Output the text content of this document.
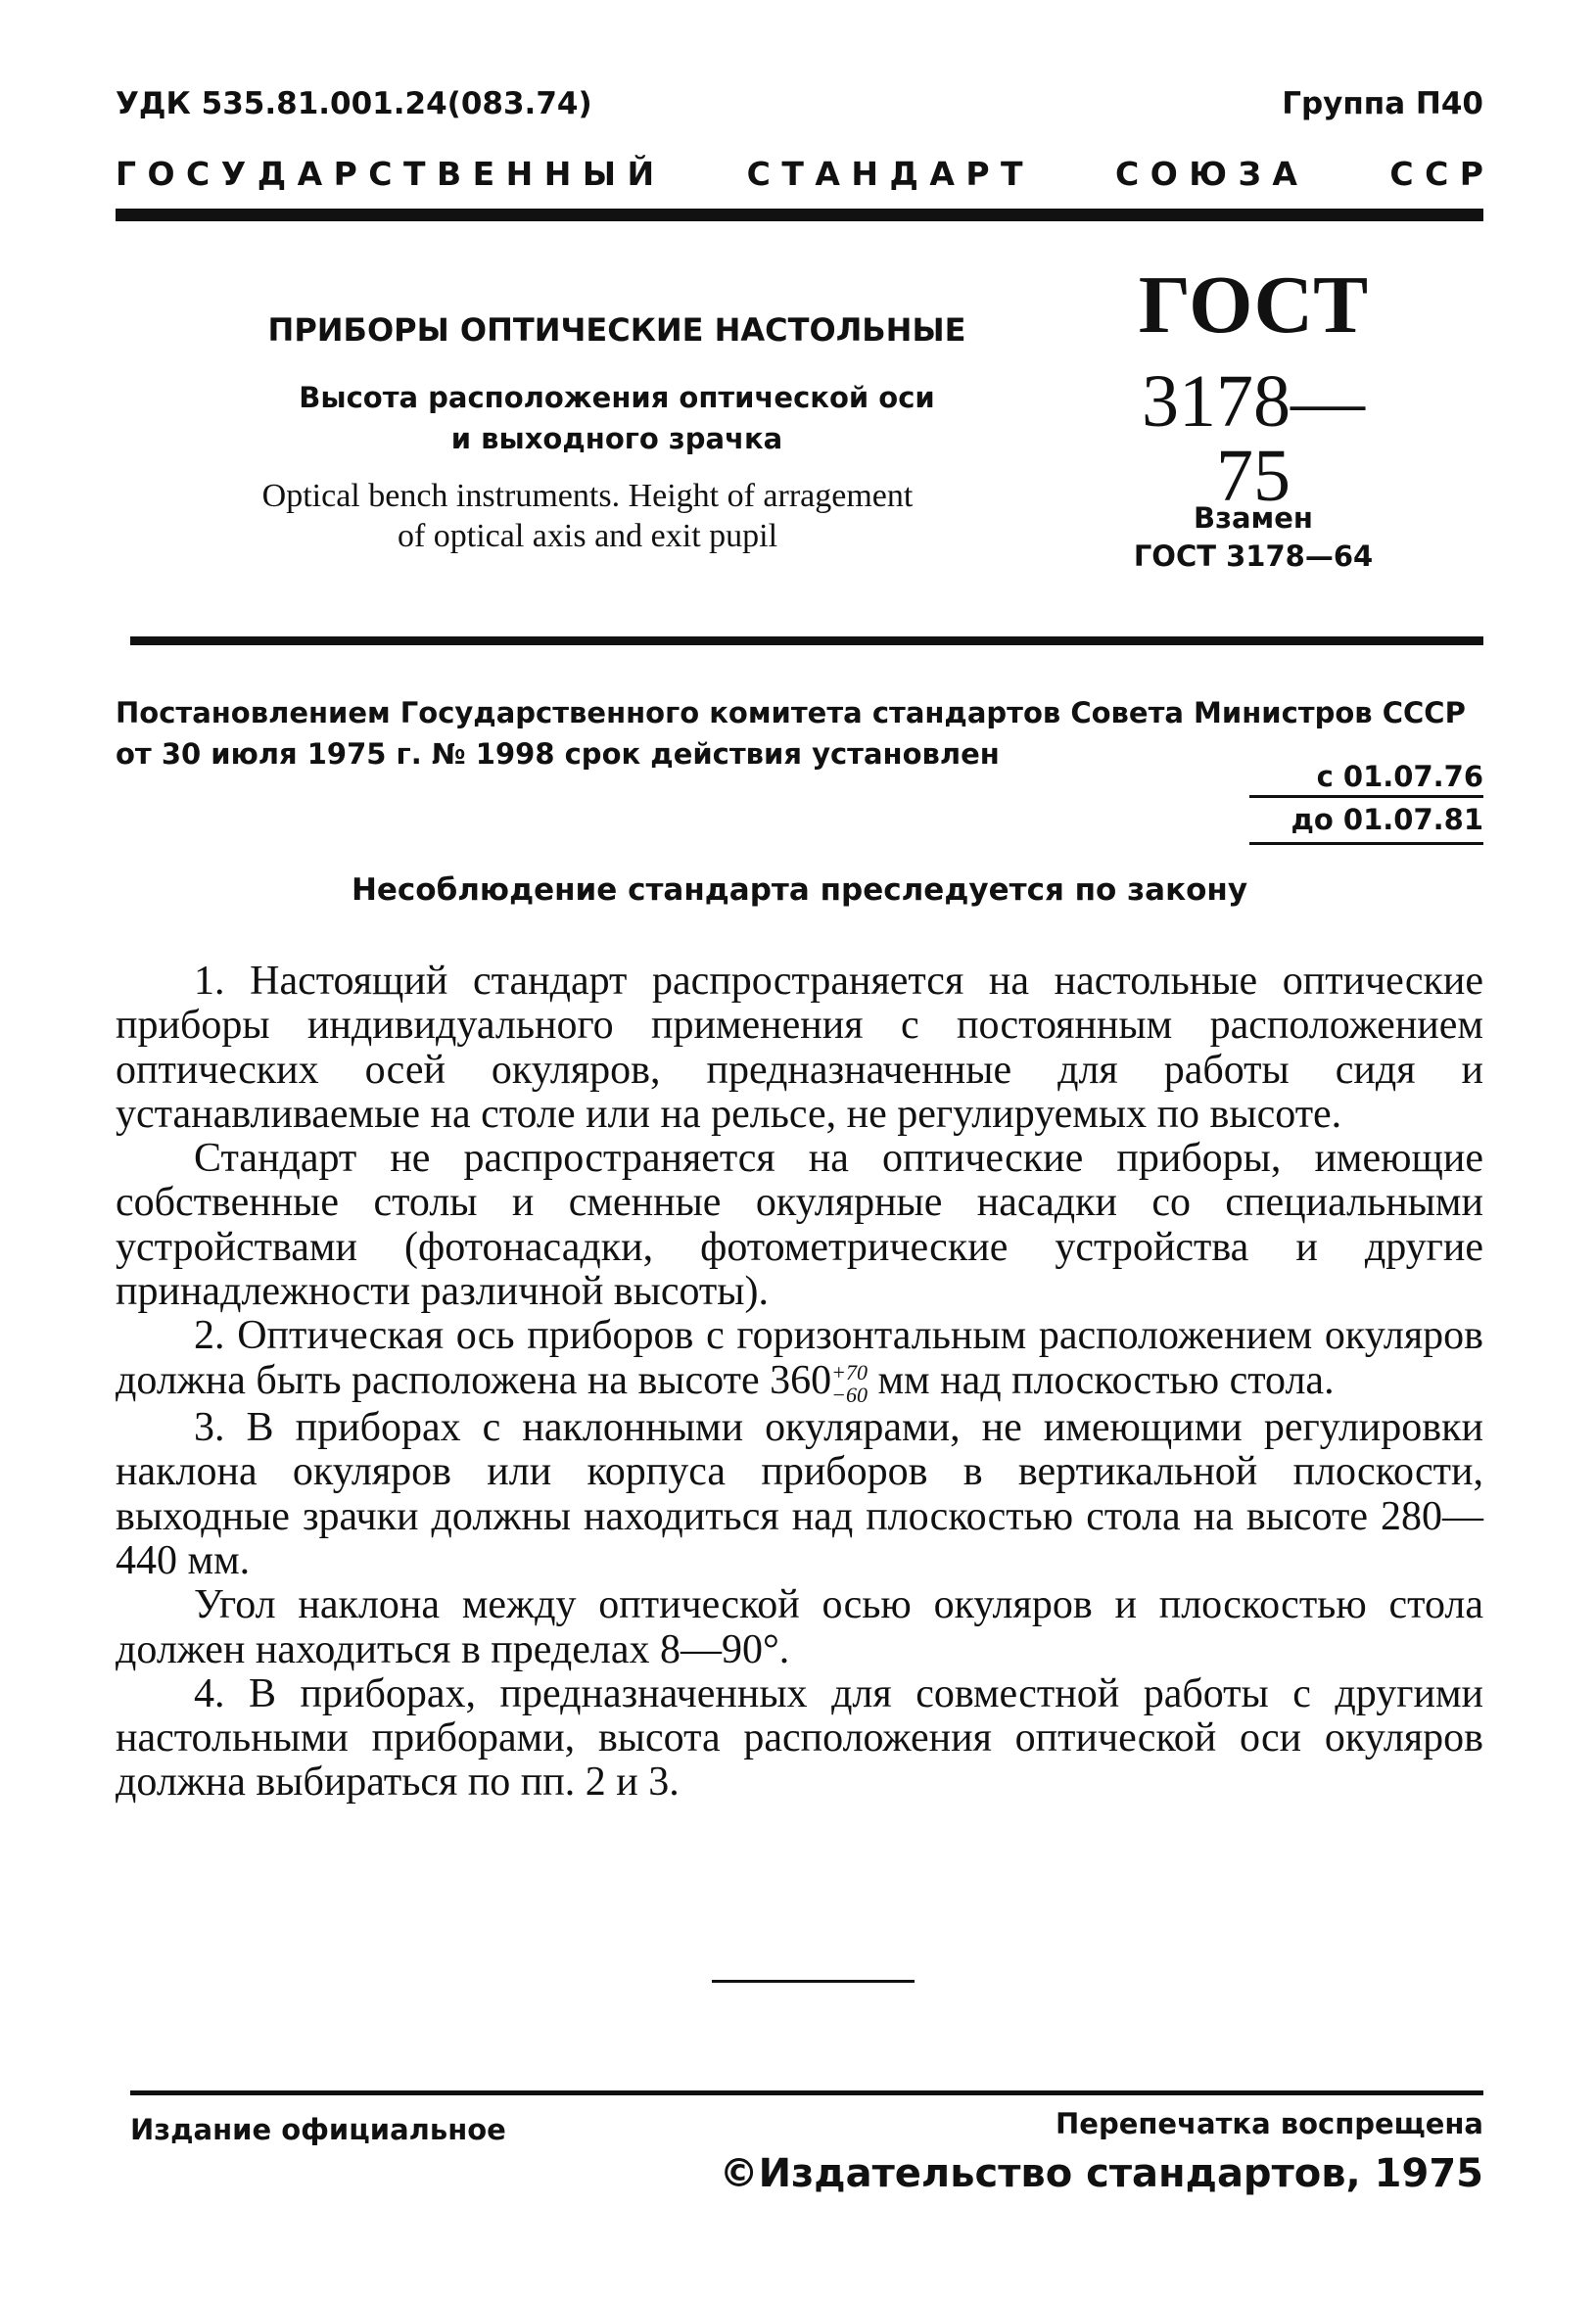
УДК 535.81.001.24(083.74)	Группа П40
Г О С У Д А Р С Т В Е Н Н Ы Й	С Т А Н Д А Р Т	С О Ю З А	С С Р
ПРИБОРЫ ОПТИЧЕСКИЕ НАСТОЛЬНЫЕ
Высота расположения оптической оси
и выходного зрачка
Optical bench instruments. Height of arragement
of optical axis and exit pupil
ГОСТ
3178—75
Взамен
ГОСТ 3178—64
Постановлением Государственного комитета стандартов Совета Министров СССР
от 30 июля 1975 г. № 1998 срок действия установлен
с 01.07.76
до 01.07.81
Несоблюдение стандарта преследуется по закону

1. Настоящий стандарт распространяется на настольные оптические приборы индивидуального применения с постоянным расположением оптических осей окуляров, предназначенные для работы сидя и устанавливаемые на столе или на рельсе, не регулируемых по высоте.

Стандарт не распространяется на оптические приборы, имеющие собственные столы и сменные окулярные насадки со специальными устройствами (фотонасадки, фотометрические устройства и другие принадлежности различной высоты).

2. Оптическая ось приборов с горизонтальным расположением окуляров должна быть расположена на высоте 360 +70
−60 мм над плоскостью стола.

3. В приборах с наклонными окулярами, не имеющими регулировки наклона окуляров или корпуса приборов в вертикальной плоскости, выходные зрачки должны находиться над плоскостью стола на высоте 280—440 мм.

Угол наклона между оптической осью окуляров и плоскостью стола должен находиться в пределах 8—90°.

4. В приборах, предназначенных для совместной работы с другими настольными приборами, высота расположения оптической оси окуляров должна выбираться по пп. 2 и 3.

Издание официальное	Перепечатка воспрещена
©Издательство стандартов, 1975
